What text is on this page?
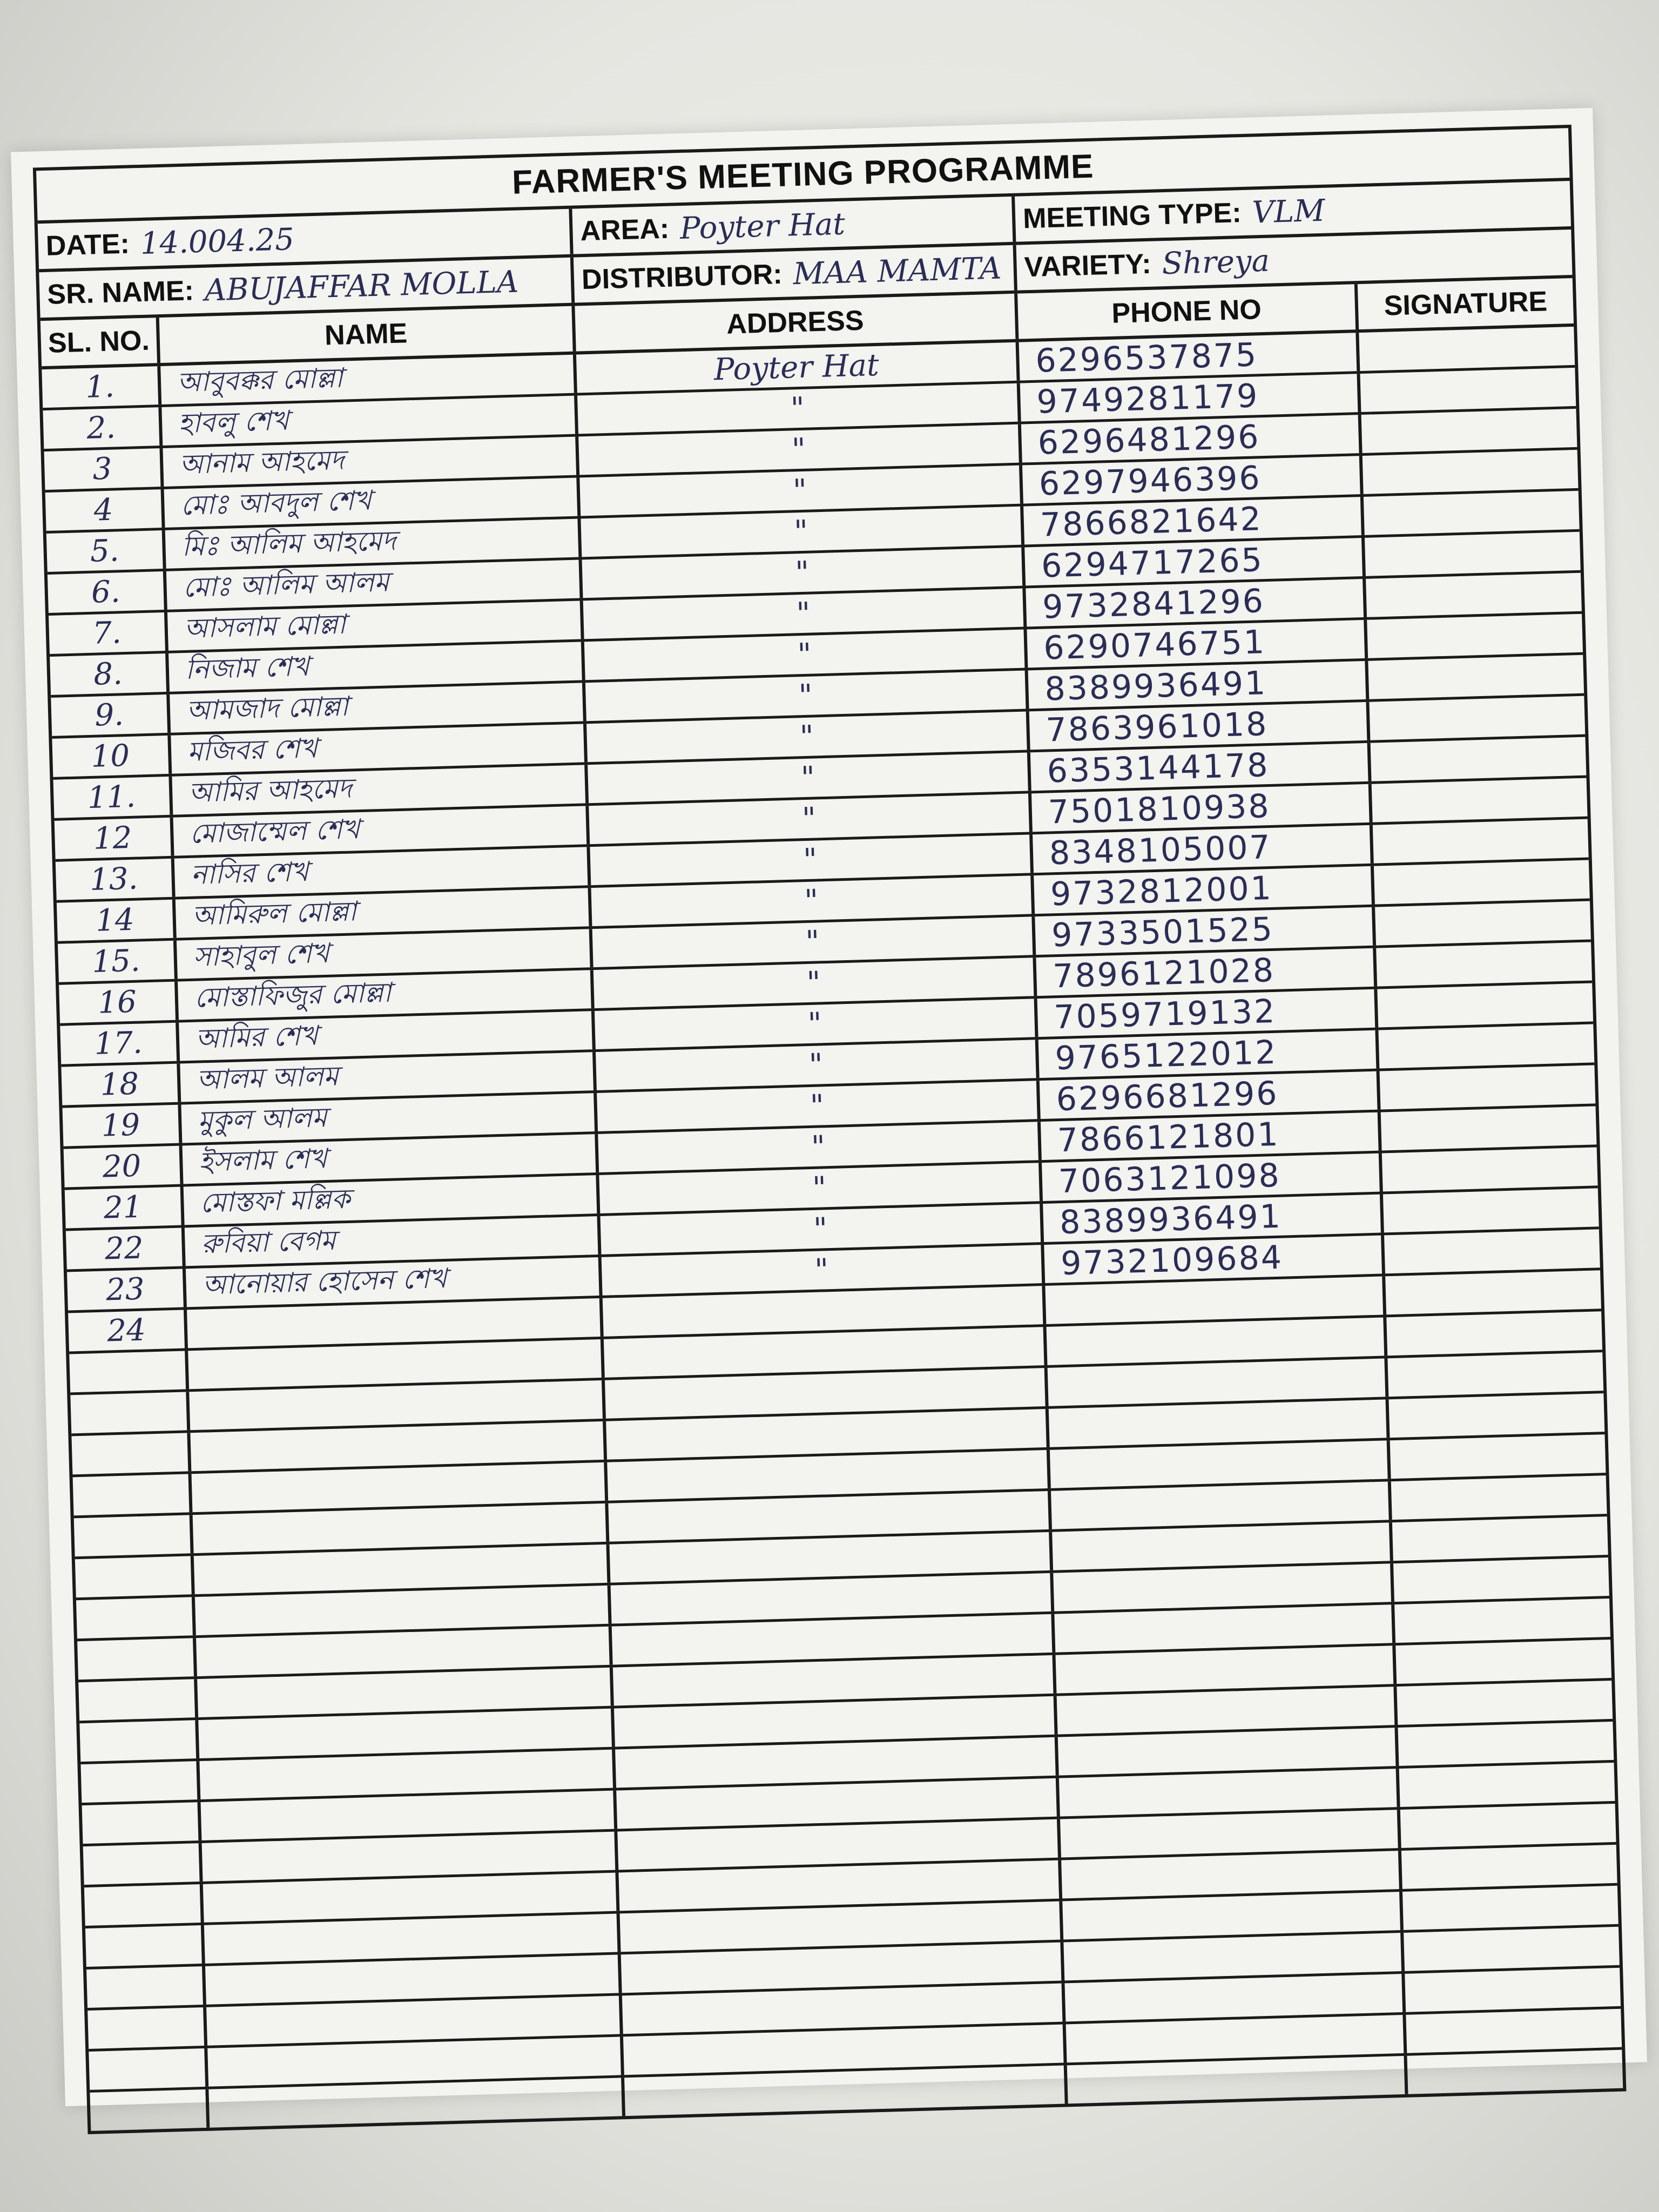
FARMER'S MEETING PROGRAMME
DATE: 14.004.25	AREA: Poyter Hat	MEETING TYPE: VLM
SR. NAME: ABUJAFFAR MOLLA DISTRIBUTOR: MAA MAMTA VARIETY: Shreya
SL. NO.	NAME	ADDRESS	PHONE NO	SIGNATURE
1. আবুবক্কর মোল্লা	Poyter Hat	6296537875
2. হাবলু শেখ	"	9749281179
3 আনাম আহমেদ	"	6296481296
4 মোঃ আবদুল শেখ	"	6297946396
5. মিঃ আলিম আহমেদ	"	7866821642
6. মোঃ আলিম আলম	"	6294717265
7. আসলাম মোল্লা	"	9732841296
8. নিজাম শেখ	"	6290746751
9. আমজাদ মোল্লা	"	8389936491
10 মজিবর শেখ	"	7863961018
11. আমির আহমেদ	"	6353144178
12 মোজাম্মেল শেখ	"	7501810938
13. নাসির শেখ	"	8348105007
14 আমিরুল মোল্লা	"	9732812001
15. সাহাবুল শেখ	"	9733501525
16 মোস্তাফিজুর মোল্লা	"	7896121028
17. আমির শেখ	"	7059719132
18 আলম আলম	"	9765122012
19 মুকুল আলম	"	6296681296
20 ইসলাম শেখ	"	7866121801
21 মোস্তফা মল্লিক	"	7063121098
22 রুবিয়া বেগম	"	8389936491
23 আনোয়ার হোসেন শেখ	"	9732109684
24
